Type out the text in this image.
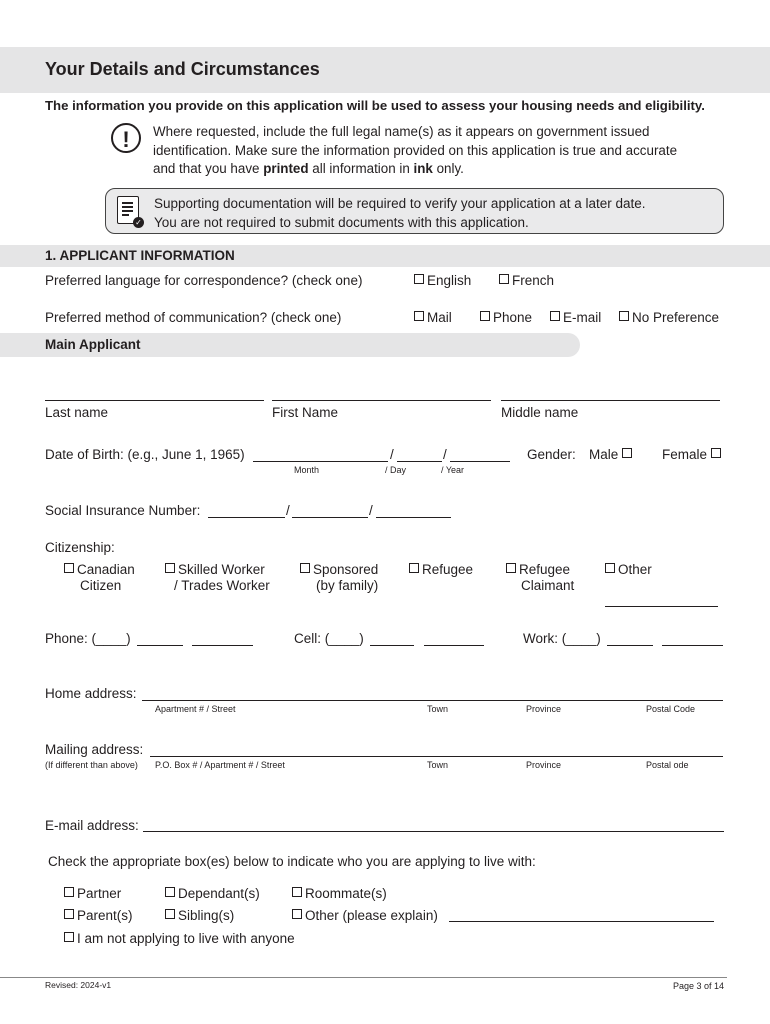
Your Details and Circumstances
The information you provide on this application will be used to assess your housing needs and eligibility.
!	Where requested, include the full legal name(s) as it appears on government issued
identification. Make sure the information provided on this application is true and accurate
and that you have printed all information in ink only.
✓
Supporting documentation will be required to verify your application at a later date.
You are not required to submit documents with this application.
1. APPLICANT INFORMATION
Preferred language for correspondence? (check one)	English	French
Preferred method of communication? (check one)	Mail	Phone	E-mail	No Preference
Main Applicant
Last name	First Name	Middle name
Date of Birth: (e.g., June 1, 1965)	/	/
Month	/ Day	/ Year
Gender: Male	Female
Social Insurance Number:	/	/
Citizenship:
Canadian
Citizen
Skilled Worker
/ Trades Worker
Sponsored
(by family)
Refugee	Refugee
Claimant
Other
Phone: (____)	Cell: (____)	Work: (____)
Home address:
Apartment # / Street	Town	Province	Postal Code
Mailing address:
(If different than above) P.O. Box # / Apartment # / Street	Town	Province	Postal ode
E-mail address:
Check the appropriate box(es) below to indicate who you are applying to live with:
Partner	Dependant(s)	Roommate(s)
Parent(s)	Sibling(s)	Other (please explain)
I am not applying to live with anyone
Revised: 2024-v1	Page 3 of 14
